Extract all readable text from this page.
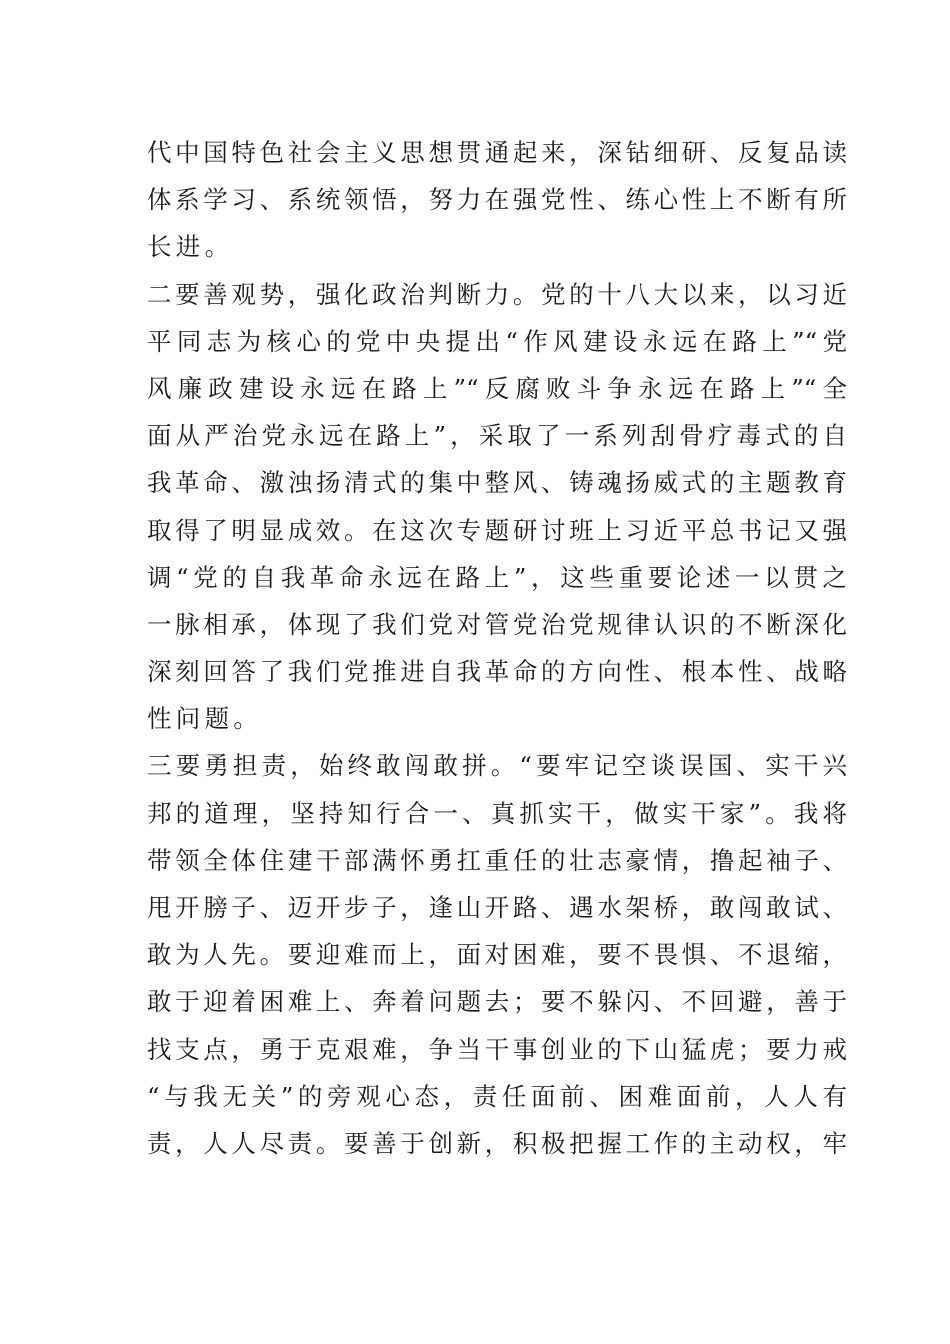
代中国特色社会主义思想贯通起来，深钻细研、反复品读
体系学习、系统领悟，努力在强党性、练心性上不断有所
长进。
二要善观势，强化政治判断力。党的十八大以来，以习近
平同志为核心的党中央提出“作风建设永远在路上”“党
风廉政建设永远在路上”“反腐败斗争永远在路上”“全
面从严治党永远在路上”，采取了一系列刮骨疗毒式的自
我革命、激浊扬清式的集中整风、铸魂扬威式的主题教育
取得了明显成效。在这次专题研讨班上习近平总书记又强
调“党的自我革命永远在路上”，这些重要论述一以贯之
一脉相承，体现了我们党对管党治党规律认识的不断深化
深刻回答了我们党推进自我革命的方向性、根本性、战略
性问题。
三要勇担责，始终敢闯敢拼。“要牢记空谈误国、实干兴
邦的道理，坚持知行合一、真抓实干，做实干家”。我将
带领全体住建干部满怀勇扛重任的壮志豪情，撸起袖子、
甩开膀子、迈开步子，逢山开路、遇水架桥，敢闯敢试、
敢为人先。要迎难而上，面对困难，要不畏惧、不退缩，
敢于迎着困难上、奔着问题去；要不躲闪、不回避，善于
找支点，勇于克艰难，争当干事创业的下山猛虎；要力戒
“与我无关”的旁观心态，责任面前、困难面前，人人有
责，人人尽责。要善于创新，积极把握工作的主动权，牢
